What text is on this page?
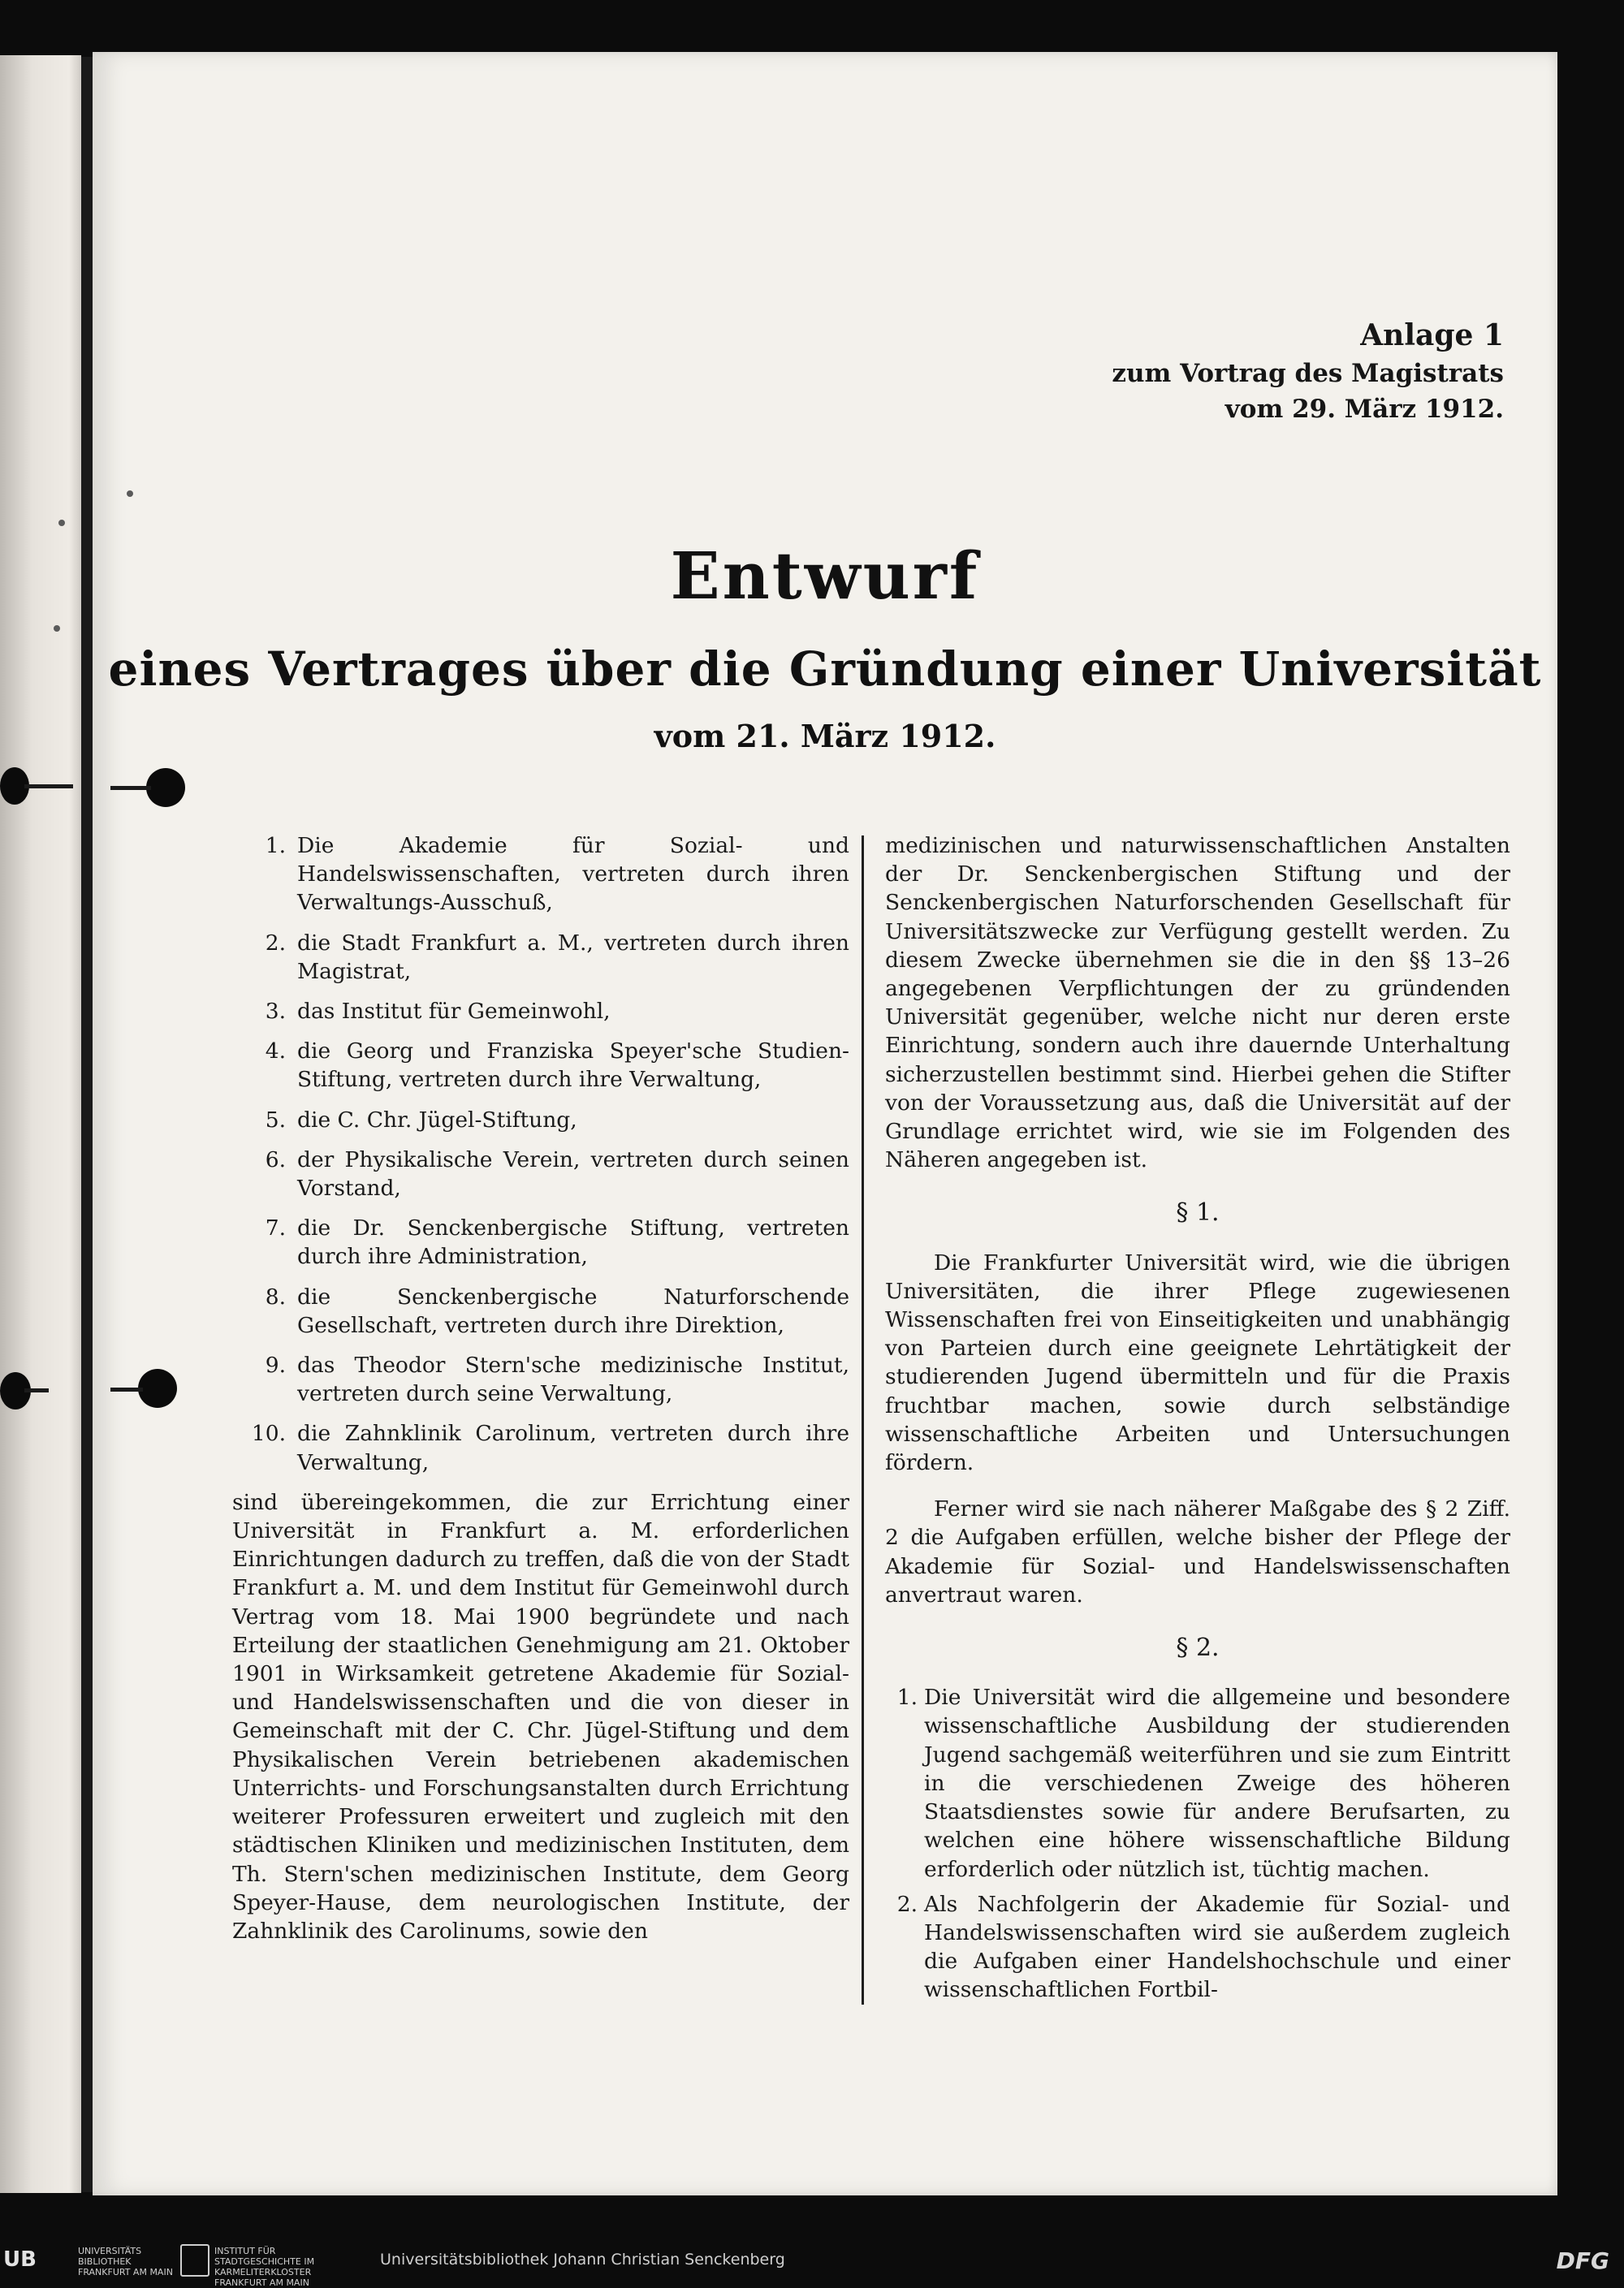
Anlage 1
zum Vortrag des Magistrats
vom 29. März 1912.
Entwurf
eines Vertrages über die Gründung einer Universität
vom 21. März 1912.
1. Die Akademie für Sozial- und Handelswissenschaften, vertreten durch ihren Verwaltungs-Ausschuß,
2. die Stadt Frankfurt a. M., vertreten durch ihren Magistrat,
3. das Institut für Gemeinwohl,
4. die Georg und Franziska Speyer'sche Studien-Stiftung, vertreten durch ihre Verwaltung,
5. die C. Chr. Jügel-Stiftung,
6. der Physikalische Verein, vertreten durch seinen Vorstand,
7. die Dr. Senckenbergische Stiftung, vertreten durch ihre Administration,
8. die Senckenbergische Naturforschende Gesellschaft, vertreten durch ihre Direktion,
9. das Theodor Stern'sche medizinische Institut, vertreten durch seine Verwaltung,
10. die Zahnklinik Carolinum, vertreten durch ihre Verwaltung,

sind übereingekommen, die zur Errichtung einer Universität in Frankfurt a. M. erforderlichen Einrichtungen dadurch zu treffen, daß die von der Stadt Frankfurt a. M. und dem Institut für Gemeinwohl durch Vertrag vom 18. Mai 1900 begründete und nach Erteilung der staatlichen Genehmigung am 21. Oktober 1901 in Wirksamkeit getretene Akademie für Sozial- und Handelswissenschaften und die von dieser in Gemeinschaft mit der C. Chr. Jügel-Stiftung und dem Physikalischen Verein betriebenen akademischen Unterrichts- und Forschungsanstalten durch Errichtung weiterer Professuren erweitert und zugleich mit den städtischen Kliniken und medizinischen Instituten, dem Th. Stern'schen medizinischen Institute, dem Georg Speyer-Hause, dem neurologischen Institute, der Zahnklinik des Carolinums, sowie den

medizinischen und naturwissenschaftlichen Anstalten der Dr. Senckenbergischen Stiftung und der Senckenbergischen Naturforschenden Gesellschaft für Universitätszwecke zur Verfügung gestellt werden. Zu diesem Zwecke übernehmen sie die in den §§ 13–26 angegebenen Verpflichtungen der zu gründenden Universität gegenüber, welche nicht nur deren erste Einrichtung, sondern auch ihre dauernde Unterhaltung sicherzustellen bestimmt sind. Hierbei gehen die Stifter von der Voraussetzung aus, daß die Universität auf der Grundlage errichtet wird, wie sie im Folgenden des Näheren angegeben ist.

§ 1.

Die Frankfurter Universität wird, wie die übrigen Universitäten, die ihrer Pflege zugewiesenen Wissenschaften frei von Einseitigkeiten und unabhängig von Parteien durch eine geeignete Lehrtätigkeit der studierenden Jugend übermitteln und für die Praxis fruchtbar machen, sowie durch selbständige wissenschaftliche Arbeiten und Untersuchungen fördern.

Ferner wird sie nach näherer Maßgabe des § 2 Ziff. 2 die Aufgaben erfüllen, welche bisher der Pflege der Akademie für Sozial- und Handelswissenschaften anvertraut waren.

§ 2.
1. Die Universität wird die allgemeine und besondere wissenschaftliche Ausbildung der studierenden Jugend sachgemäß weiterführen und sie zum Eintritt in die verschiedenen Zweige des höheren Staatsdienstes sowie für andere Berufsarten, zu welchen eine höhere wissenschaftliche Bildung erforderlich oder nützlich ist, tüchtig machen.
2. Als Nachfolgerin der Akademie für Sozial- und Handelswissenschaften wird sie außerdem zugleich die Aufgaben einer Handelshochschule und einer wissenschaftlichen Fortbil-
UB	UNIVERSITÄTS BIBLIOTHEK FRANKFURT AM MAIN
INSTITUT FÜR STADTGESCHICHTE IM KARMELITERKLOSTER FRANKFURT AM MAIN
Universitätsbibliothek Johann Christian Senckenberg	DFG
